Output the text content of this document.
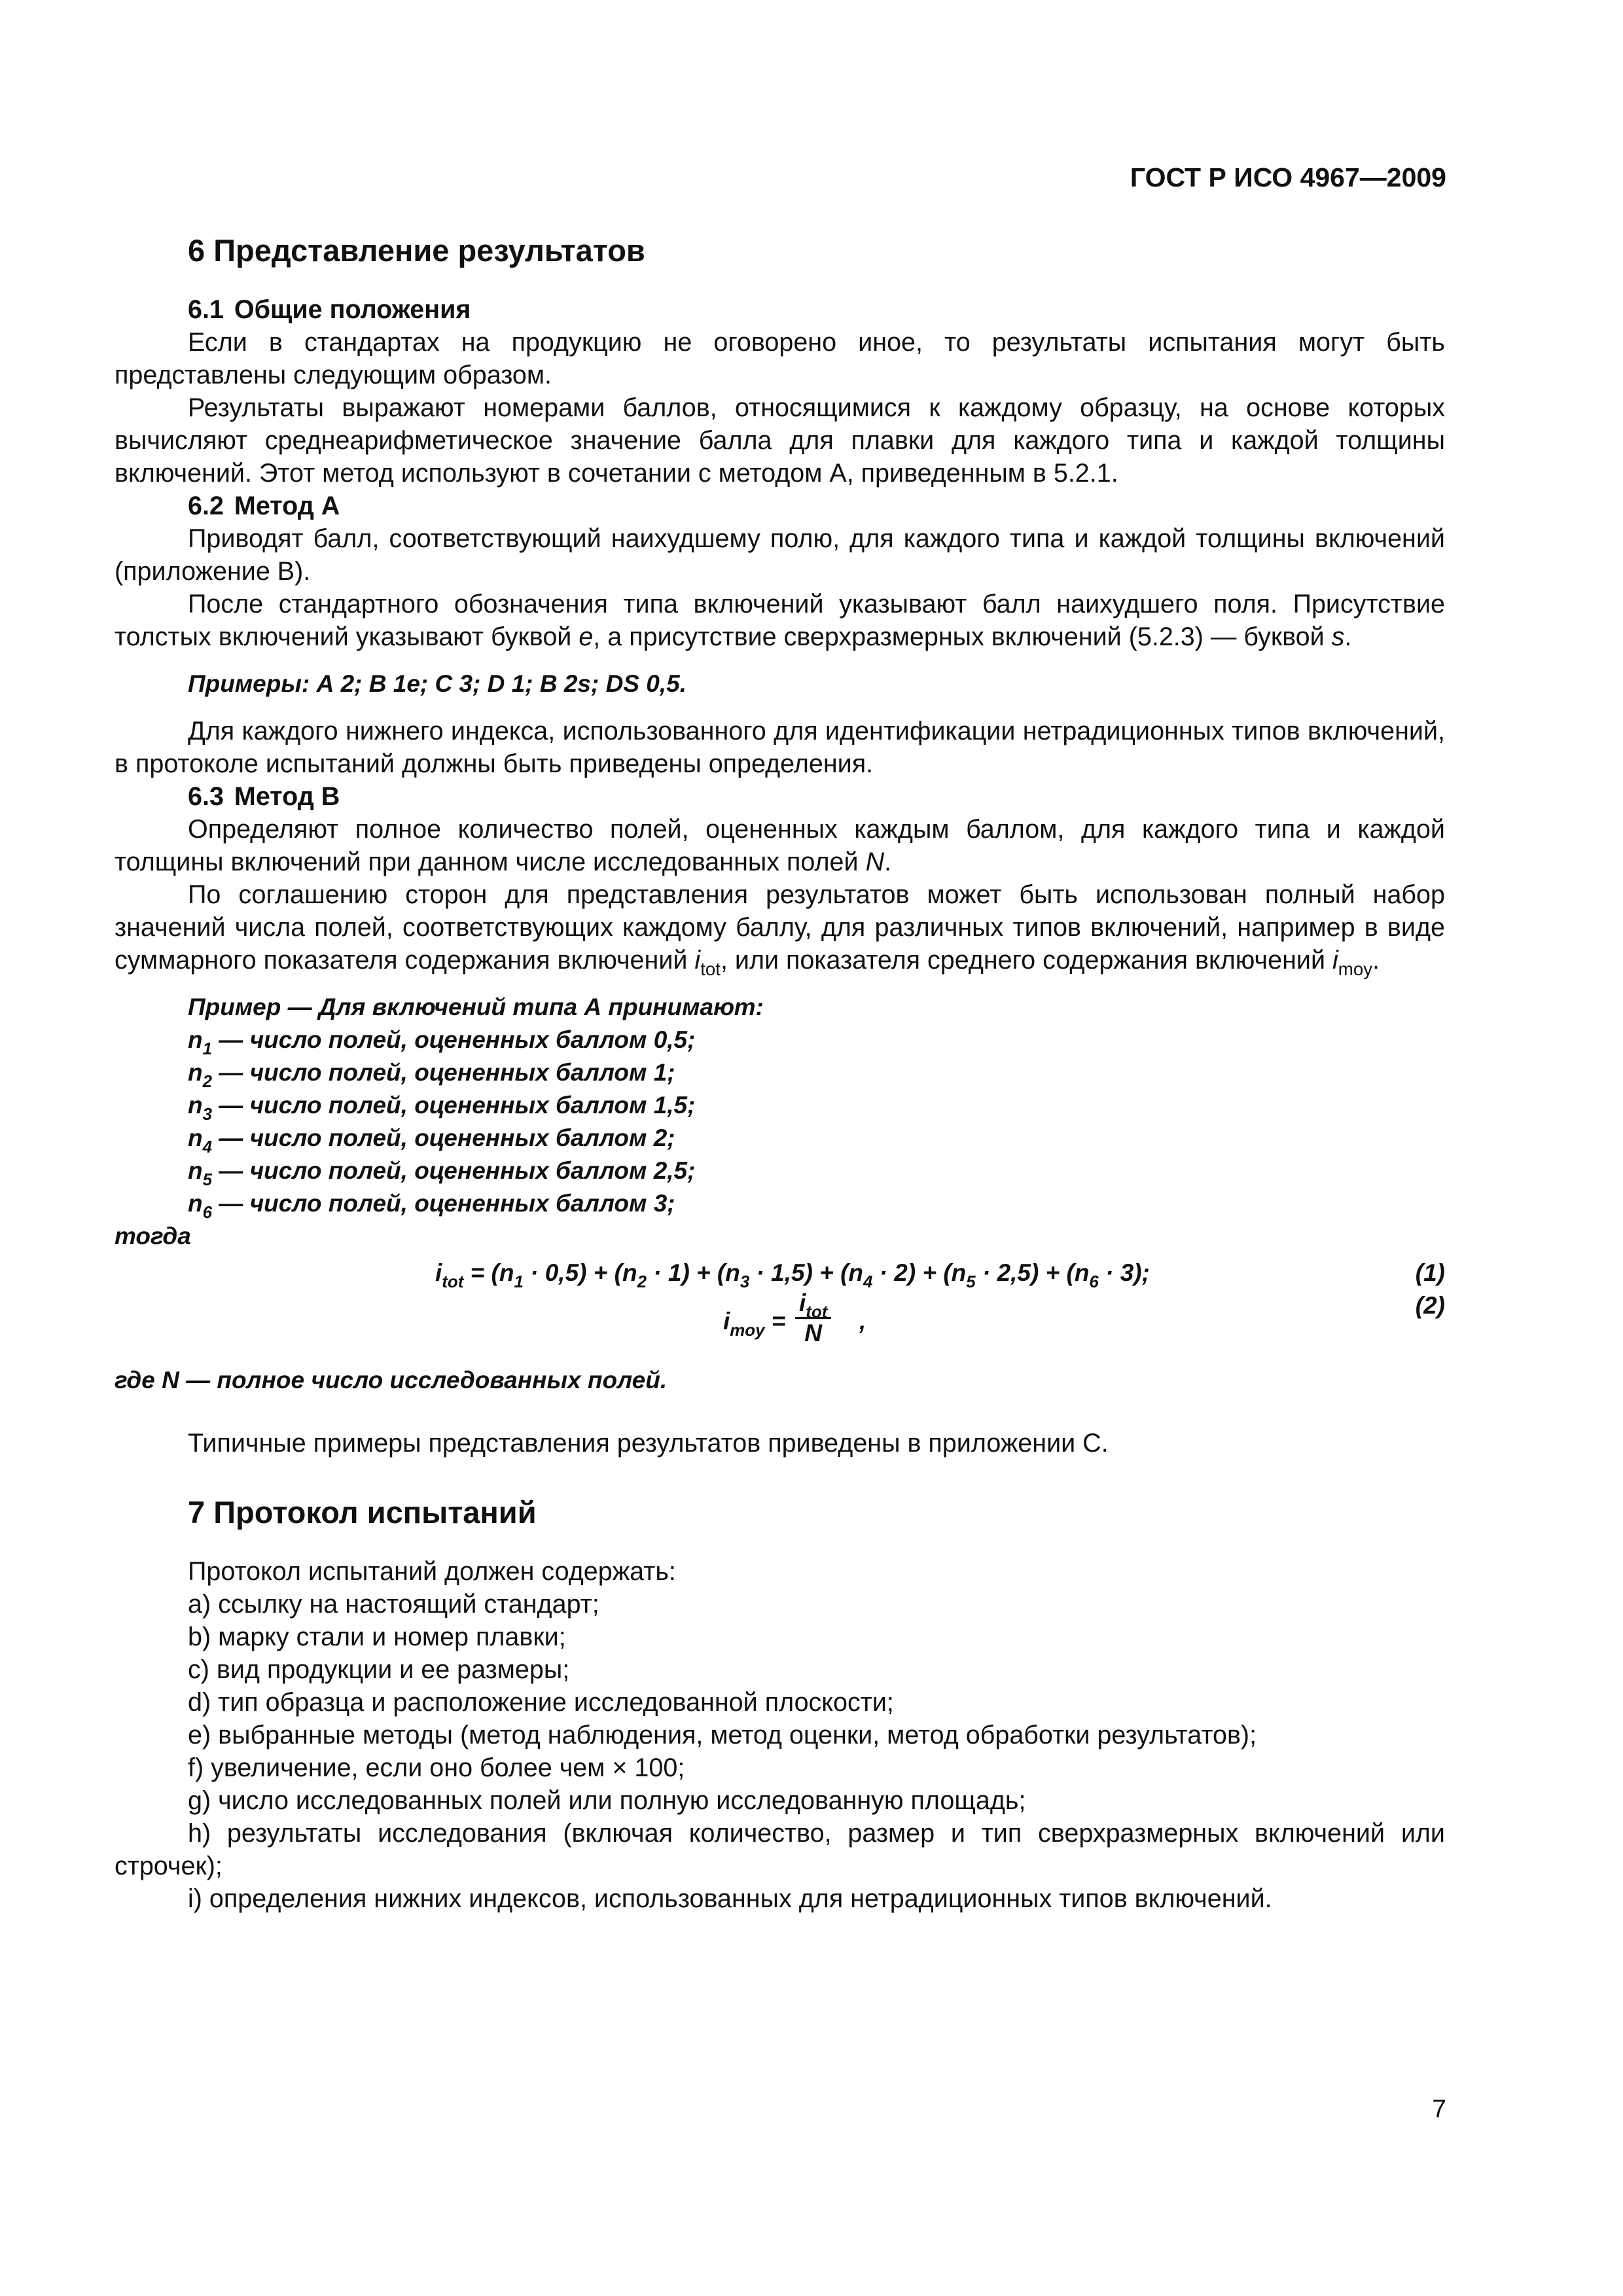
ГОСТ Р ИСО 4967—2009
6 Представление результатов

6.1 Общие положения

Если в стандартах на продукцию не оговорено иное, то результаты испытания могут быть представлены следующим образом.

Результаты выражают номерами баллов, относящимися к каждому образцу, на основе которых вычисляют среднеарифметическое значение балла для плавки для каждого типа и каждой толщины включений. Этот метод используют в сочетании с методом А, приведенным в 5.2.1.

6.2 Метод А

Приводят балл, соответствующий наихудшему полю, для каждого типа и каждой толщины включений (приложение В).

После стандартного обозначения типа включений указывают балл наихудшего поля. Присутствие толстых включений указывают буквой e, а присутствие сверхразмерных включений (5.2.3) — буквой s.

Примеры: А 2; В 1е; С 3; D 1; В 2s; DS 0,5.

Для каждого нижнего индекса, использованного для идентификации нетрадиционных типов включений, в протоколе испытаний должны быть приведены определения.

6.3 Метод В

Определяют полное количество полей, оцененных каждым баллом, для каждого типа и каждой толщины включений при данном числе исследованных полей N.

По соглашению сторон для представления результатов может быть использован полный набор значений числа полей, соответствующих каждому баллу, для различных типов включений, например в виде суммарного показателя содержания включений $i_{tot}$, или показателя среднего содержания включений $i_{moy}$.

Пример — Для включений типа А принимают:
$n_1$ — число полей, оцененных баллом 0,5;
$n_2$ — число полей, оцененных баллом 1;
$n_3$ — число полей, оцененных баллом 1,5;
$n_4$ — число полей, оцененных баллом 2;
$n_5$ — число полей, оцененных баллом 2,5;
$n_6$ — число полей, оцененных баллом 3;

тогда

$i_{tot} = (n_1 \cdot 0,5) + (n_2 \cdot 1) + (n_3 \cdot 1,5) + (n_4 \cdot 2) + (n_5 \cdot 2,5) + (n_6 \cdot 3)$;	(1)
$i_{moy}$ =
$i_{tot}$
N	,
(2)

где N — полное число исследованных полей.

Типичные примеры представления результатов приведены в приложении С.

7 Протокол испытаний

Протокол испытаний должен содержать:

a) ссылку на настоящий стандарт;

b) марку стали и номер плавки;

c) вид продукции и ее размеры;

d) тип образца и расположение исследованной плоскости;

e) выбранные методы (метод наблюдения, метод оценки, метод обработки результатов);

f) увеличение, если оно более чем × 100;

g) число исследованных полей или полную исследованную площадь;

h) результаты исследования (включая количество, размер и тип сверхразмерных включений или строчек);

i) определения нижних индексов, использованных для нетрадиционных типов включений.

7
